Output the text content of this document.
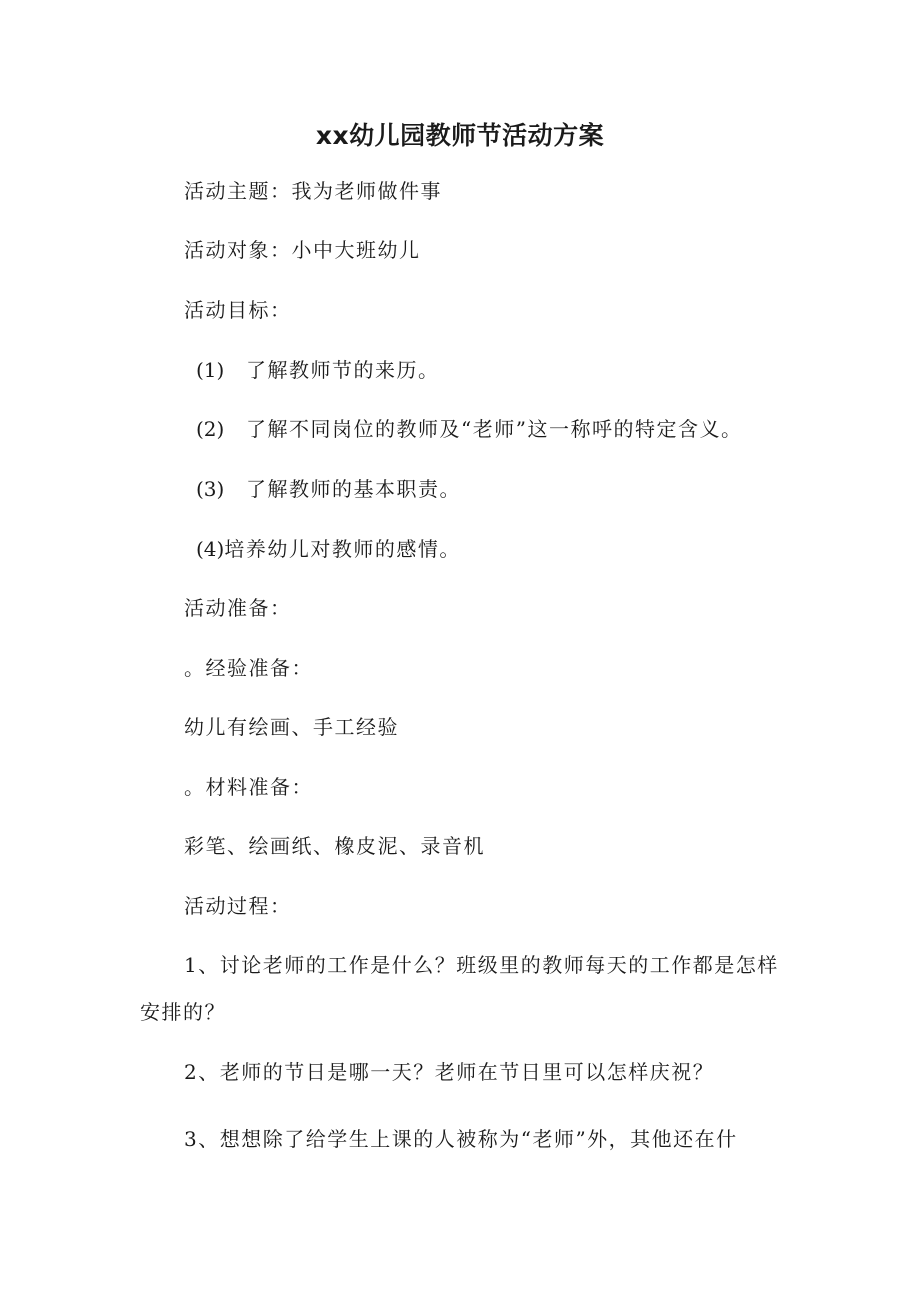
xx幼儿园教师节活动方案
活动主题：我为老师做件事
活动对象：小中大班幼儿
活动目标：
(1) 了解教师节的来历。
(2) 了解不同岗位的教师及“老师”这一称呼的特定含义。
(3) 了解教师的基本职责。
(4)培养幼儿对教师的感情。
活动准备：
。经验准备：
幼儿有绘画、手工经验
。材料准备：
彩笔、绘画纸、橡皮泥、录音机
活动过程：
1、讨论老师的工作是什么？班级里的教师每天的工作都是怎样
安排的？
2、老师的节日是哪一天？老师在节日里可以怎样庆祝？
3、想想除了给学生上课的人被称为“老师”外，其他还在什
